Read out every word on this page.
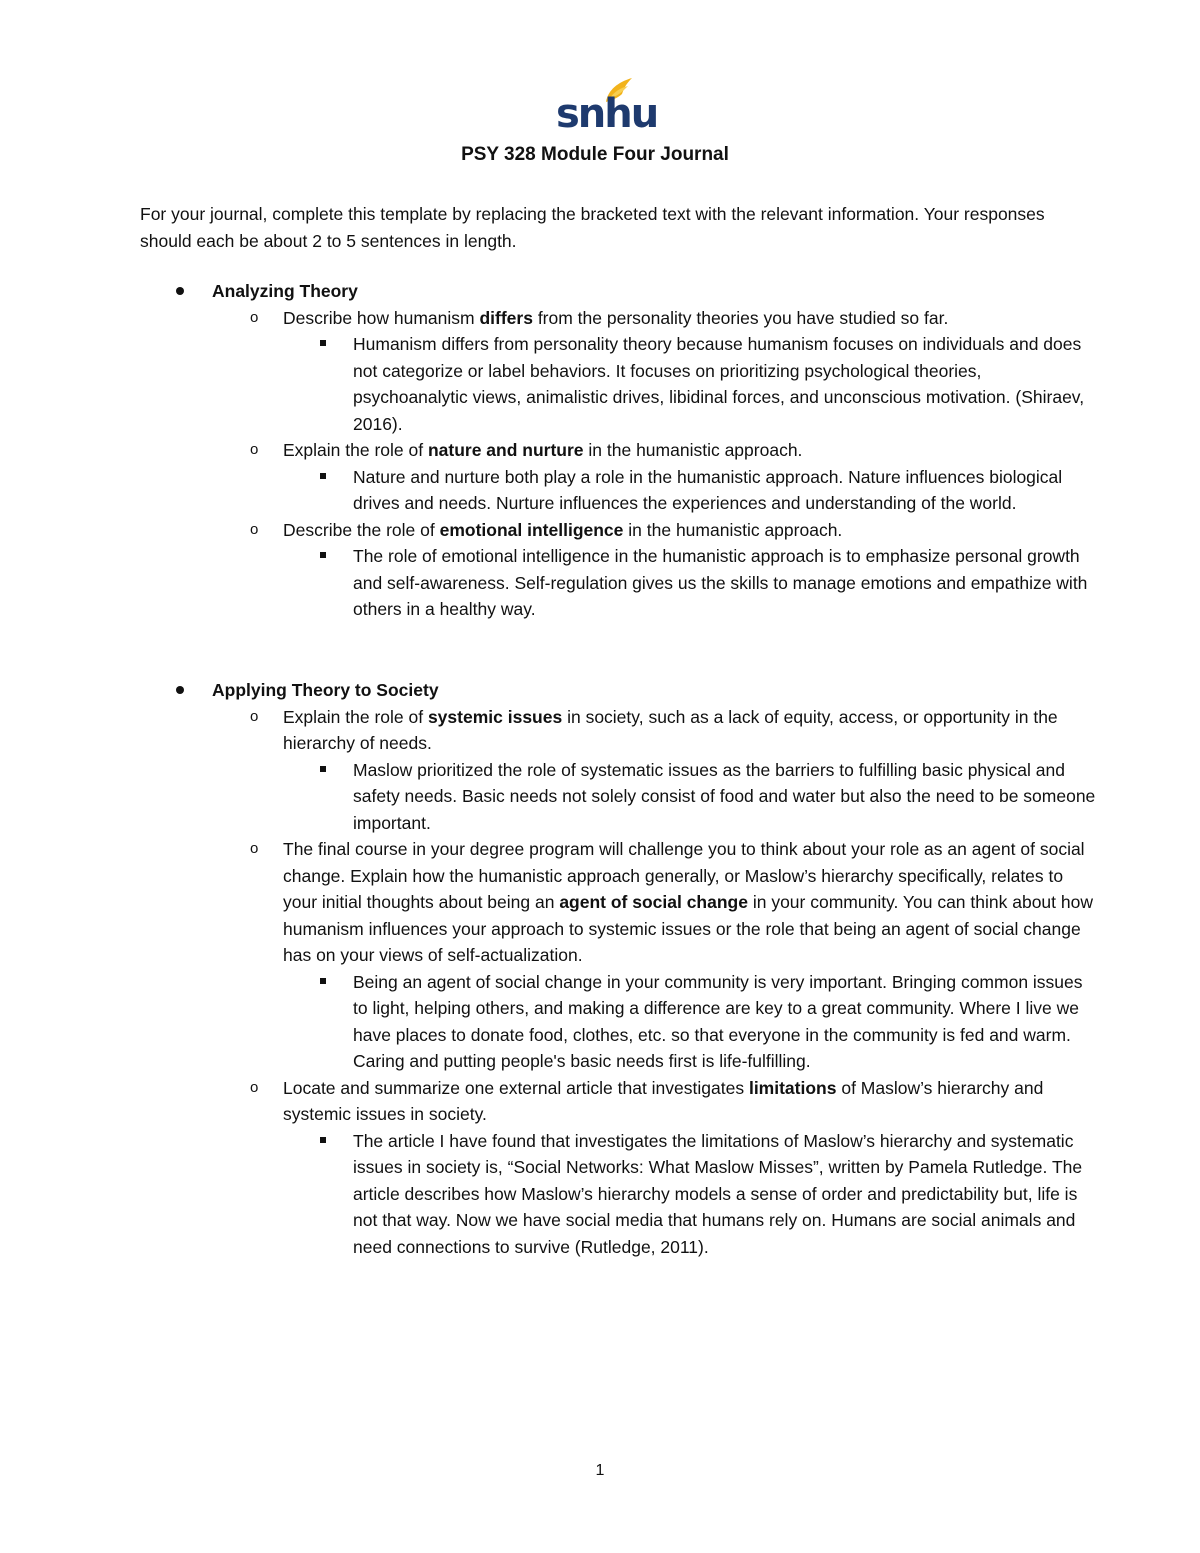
snhu
PSY 328 Module Four Journal
For your journal, complete this template by replacing the bracketed text with the relevant information. Your responses should each be about 2 to 5 sentences in length.
Analyzing Theory
o Describe how humanism differs from the personality theories you have studied so far.
Humanism differs from personality theory because humanism focuses on individuals and does not categorize or label behaviors. It focuses on prioritizing psychological theories, psychoanalytic views, animalistic drives, libidinal forces, and unconscious motivation. (Shiraev, 2016).
o Explain the role of nature and nurture in the humanistic approach.
Nature and nurture both play a role in the humanistic approach. Nature influences biological drives and needs. Nurture influences the experiences and understanding of the world.
o Describe the role of emotional intelligence in the humanistic approach.
The role of emotional intelligence in the humanistic approach is to emphasize personal growth and self-awareness. Self-regulation gives us the skills to manage emotions and empathize with others in a healthy way.
Applying Theory to Society
o Explain the role of systemic issues in society, such as a lack of equity, access, or opportunity in the hierarchy of needs.
Maslow prioritized the role of systematic issues as the barriers to fulfilling basic physical and safety needs. Basic needs not solely consist of food and water but also the need to be someone important.
o The final course in your degree program will challenge you to think about your role as an agent of social change. Explain how the humanistic approach generally, or Maslow’s hierarchy specifically, relates to your initial thoughts about being an agent of social change in your community. You can think about how humanism influences your approach to systemic issues or the role that being an agent of social change has on your views of self-actualization.
Being an agent of social change in your community is very important. Bringing common issues to light, helping others, and making a difference are key to a great community. Where I live we have places to donate food, clothes, etc. so that everyone in the community is fed and warm. Caring and putting people's basic needs first is life-fulfilling.
o Locate and summarize one external article that investigates limitations of Maslow’s hierarchy and systemic issues in society.
The article I have found that investigates the limitations of Maslow’s hierarchy and systematic issues in society is, “Social Networks: What Maslow Misses”, written by Pamela Rutledge. The article describes how Maslow’s hierarchy models a sense of order and predictability but, life is not that way. Now we have social media that humans rely on. Humans are social animals and need connections to survive (Rutledge, 2011).
1
